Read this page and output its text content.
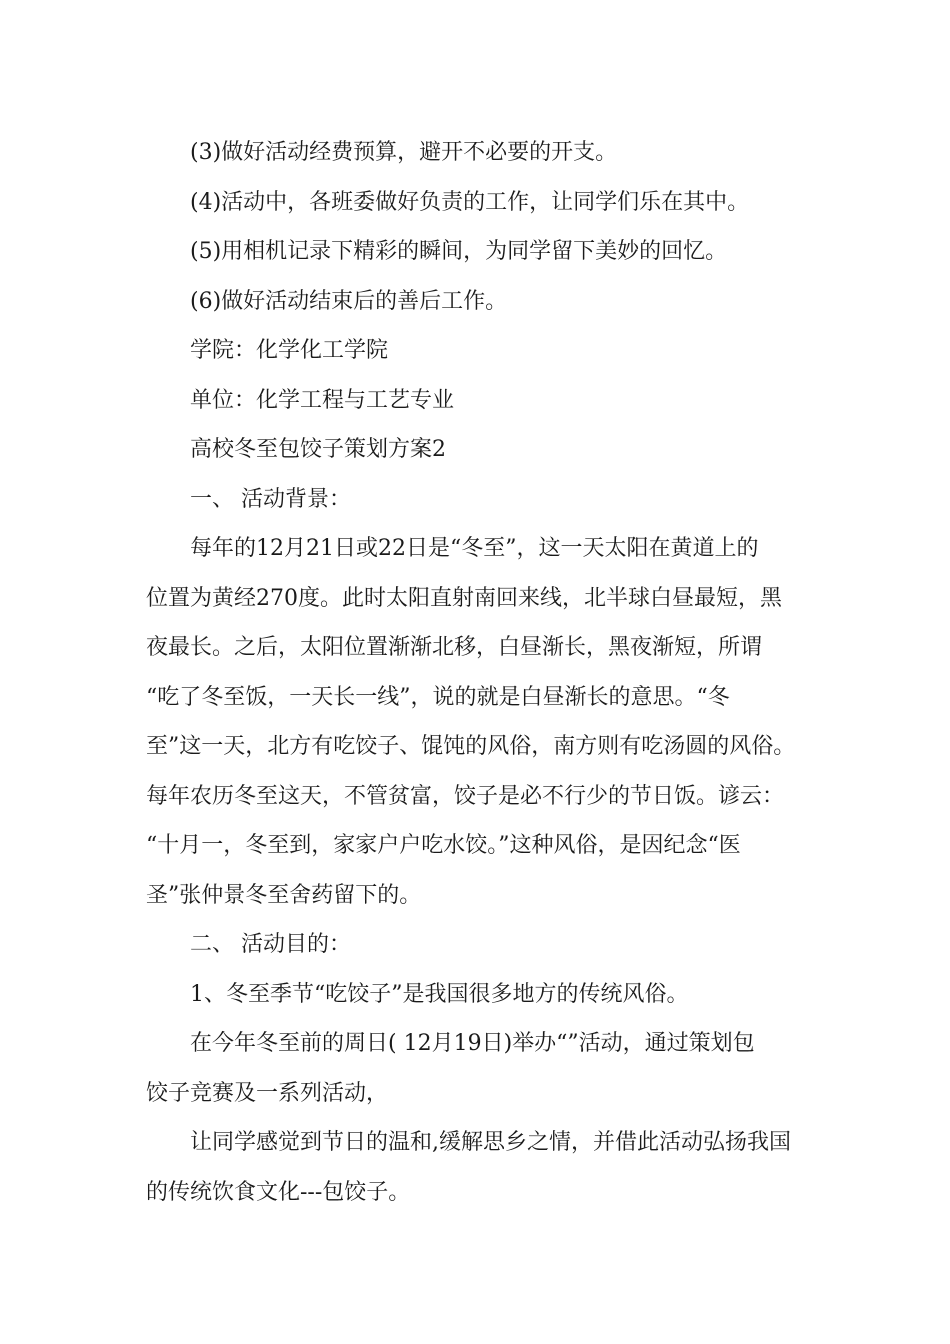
(3)做好活动经费预算，避开不必要的开支。
(4)活动中，各班委做好负责的工作，让同学们乐在其中。
(5)用相机记录下精彩的瞬间，为同学留下美妙的回忆。
(6)做好活动结束后的善后工作。
学院：化学化工学院
单位：化学工程与工艺专业
高校冬至包饺子策划方案2
一、 活动背景：
每年的12月21日或22日是“冬至”，这一天太阳在黄道上的
位置为黄经270度。此时太阳直射南回来线，北半球白昼最短，黑
夜最长。之后，太阳位置渐渐北移，白昼渐长，黑夜渐短，所谓
“吃了冬至饭，一天长一线”，说的就是白昼渐长的意思。“冬
至”这一天，北方有吃饺子、馄饨的风俗，南方则有吃汤圆的风俗。
每年农历冬至这天，不管贫富，饺子是必不行少的节日饭。谚云：
“十月一，冬至到，家家户户吃水饺。”这种风俗，是因纪念“医
圣”张仲景冬至舍药留下的。
二、 活动目的：
1、冬至季节“吃饺子”是我国很多地方的传统风俗。
在今年冬至前的周日( 12月19日)举办“”活动，通过策划包
饺子竞赛及一系列活动，
让同学感觉到节日的温和,缓解思乡之情，并借此活动弘扬我国
的传统饮食文化---包饺子。
